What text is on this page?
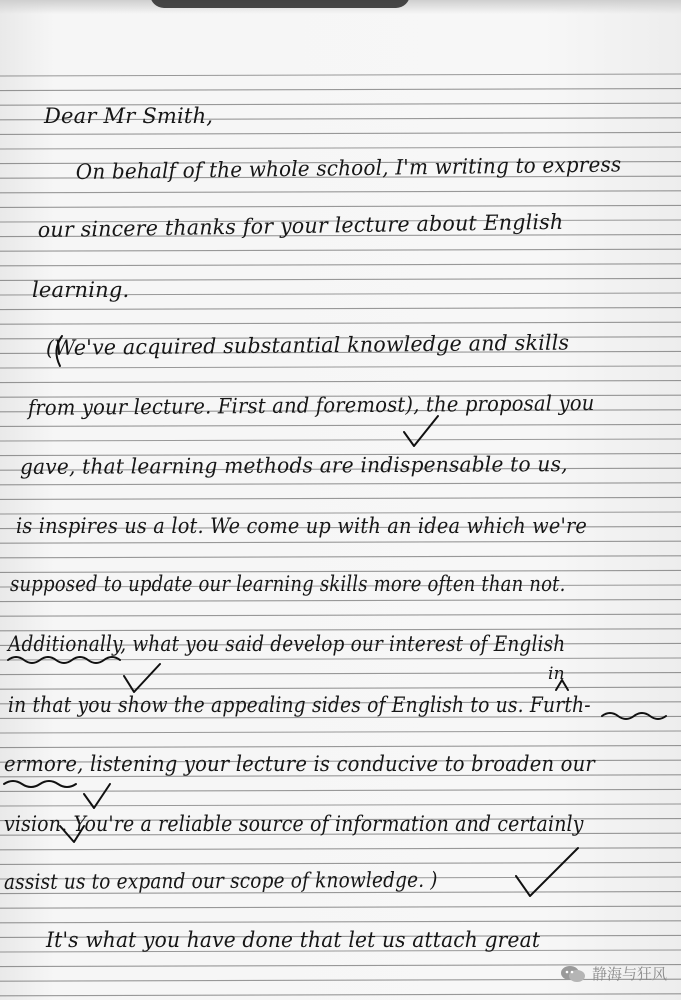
Dear Mr Smith,
On behalf of the whole school, I'm writing to express
our sincere thanks for your lecture about English
learning.
(We've acquired substantial knowledge and skills
from your lecture. First and foremost), the proposal you
gave, that learning methods are indispensable to us,
is inspires us a lot. We come up with an idea which we're
supposed to update our learning skills more often than not.
Additionally, what you said develop our interest of English
in that you show the appealing sides of English to us. Furth-
ermore, listening your lecture is conducive to broaden our
vision. You're a reliable source of information and certainly
assist us to expand our scope of knowledge. )
It's what you have done that let us attach great
in
静海与狂风
